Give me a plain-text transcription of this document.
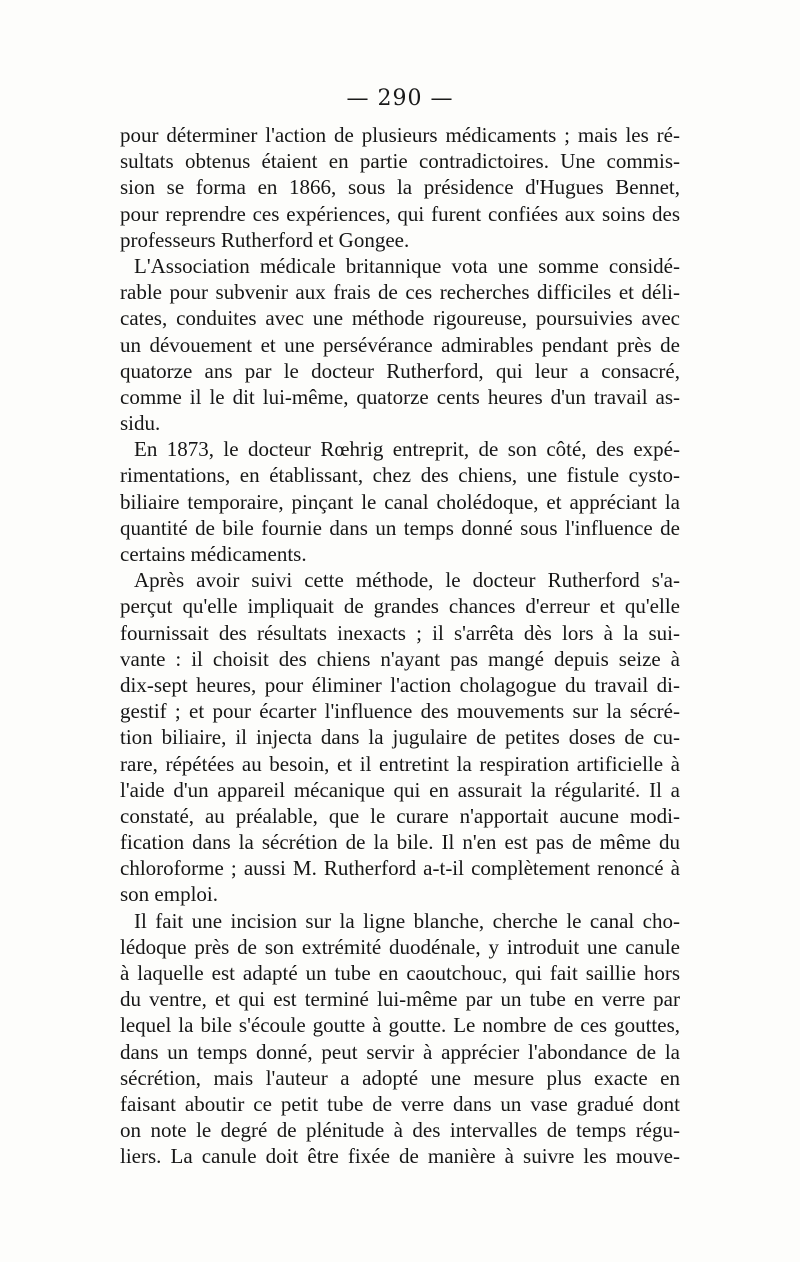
— 290 —

pour déterminer l'action de plusieurs médicaments ; mais les ré-
sultats obtenus étaient en partie contradictoires. Une commis-
sion se forma en 1866, sous la présidence d'Hugues Bennet,
pour reprendre ces expériences, qui furent confiées aux soins des
professeurs Rutherford et Gongee.

L'Association médicale britannique vota une somme considé-
rable pour subvenir aux frais de ces recherches difficiles et déli-
cates, conduites avec une méthode rigoureuse, poursuivies avec
un dévouement et une persévérance admirables pendant près de
quatorze ans par le docteur Rutherford, qui leur a consacré,
comme il le dit lui-même, quatorze cents heures d'un travail as-
sidu.

En 1873, le docteur Rœhrig entreprit, de son côté, des expé-
rimentations, en établissant, chez des chiens, une fistule cysto-
biliaire temporaire, pinçant le canal cholédoque, et appréciant la
quantité de bile fournie dans un temps donné sous l'influence de
certains médicaments.

Après avoir suivi cette méthode, le docteur Rutherford s'a-
perçut qu'elle impliquait de grandes chances d'erreur et qu'elle
fournissait des résultats inexacts ; il s'arrêta dès lors à la sui-
vante : il choisit des chiens n'ayant pas mangé depuis seize à
dix-sept heures, pour éliminer l'action cholagogue du travail di-
gestif ; et pour écarter l'influence des mouvements sur la sécré-
tion biliaire, il injecta dans la jugulaire de petites doses de cu-
rare, répétées au besoin, et il entretint la respiration artificielle à
l'aide d'un appareil mécanique qui en assurait la régularité. Il a
constaté, au préalable, que le curare n'apportait aucune modi-
fication dans la sécrétion de la bile. Il n'en est pas de même du
chloroforme ; aussi M. Rutherford a-t-il complètement renoncé à
son emploi.

Il fait une incision sur la ligne blanche, cherche le canal cho-
lédoque près de son extrémité duodénale, y introduit une canule
à laquelle est adapté un tube en caoutchouc, qui fait saillie hors
du ventre, et qui est terminé lui-même par un tube en verre par
lequel la bile s'écoule goutte à goutte. Le nombre de ces gouttes,
dans un temps donné, peut servir à apprécier l'abondance de la
sécrétion, mais l'auteur a adopté une mesure plus exacte en
faisant aboutir ce petit tube de verre dans un vase gradué dont
on note le degré de plénitude à des intervalles de temps régu-
liers. La canule doit être fixée de manière à suivre les mouve-
